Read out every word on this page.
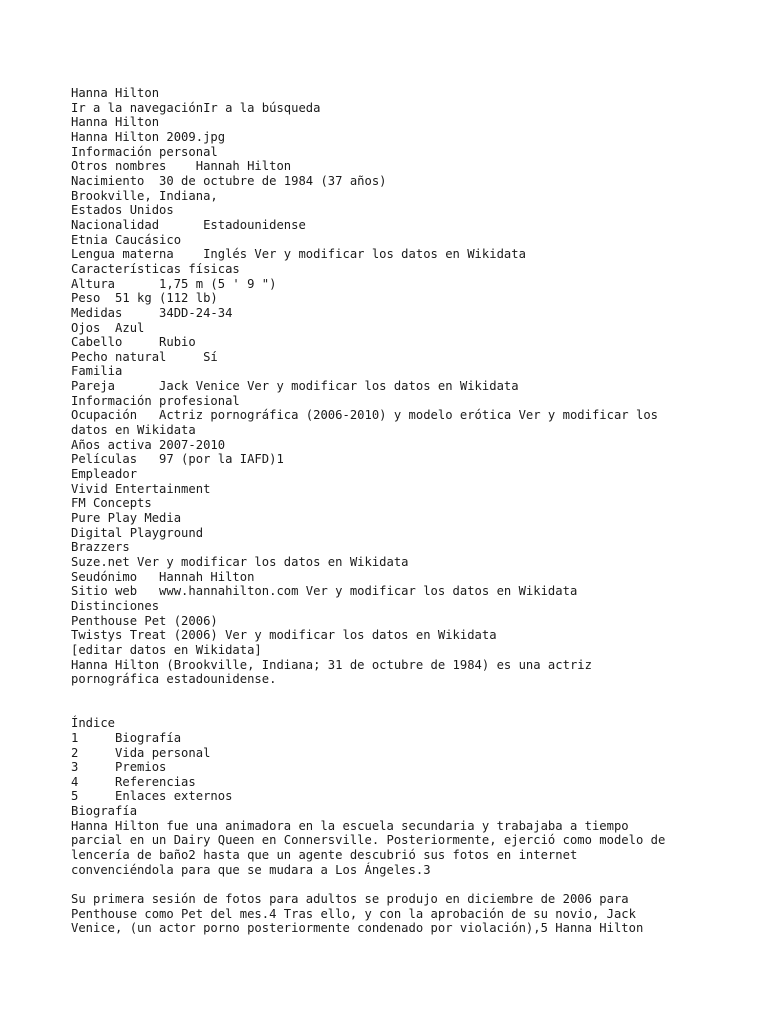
Hanna Hilton
Ir a la navegaciónIr a la búsqueda
Hanna Hilton
Hanna Hilton 2009.jpg
Información personal
Otros nombres    Hannah Hilton
Nacimiento  30 de octubre de 1984 (37 años)
Brookville, Indiana,
Estados Unidos
Nacionalidad      Estadounidense
Etnia Caucásico
Lengua materna    Inglés Ver y modificar los datos en Wikidata
Características físicas
Altura      1,75 m (5 ' 9 ")
Peso  51 kg (112 lb)
Medidas     34DD-24-34
Ojos  Azul
Cabello     Rubio
Pecho natural     Sí
Familia
Pareja      Jack Venice Ver y modificar los datos en Wikidata
Información profesional
Ocupación   Actriz pornográfica (2006-2010) y modelo erótica Ver y modificar los
datos en Wikidata
Años activa 2007-2010
Películas   97 (por la IAFD)1
Empleador
Vivid Entertainment
FM Concepts
Pure Play Media
Digital Playground
Brazzers
Suze.net Ver y modificar los datos en Wikidata
Seudónimo   Hannah Hilton
Sitio web   www.hannahilton.com Ver y modificar los datos en Wikidata
Distinciones
Penthouse Pet (2006)
Twistys Treat (2006) Ver y modificar los datos en Wikidata
[editar datos en Wikidata]
Hanna Hilton (Brookville, Indiana; 31 de octubre de 1984) es una actriz
pornográfica estadounidense.
Índice
1     Biografía
2     Vida personal
3     Premios
4     Referencias
5     Enlaces externos
Biografía
Hanna Hilton fue una animadora en la escuela secundaria y trabajaba a tiempo
parcial en un Dairy Queen en Connersville. Posteriormente, ejerció como modelo de
lencería de baño2 hasta que un agente descubrió sus fotos en internet
convenciéndola para que se mudara a Los Ángeles.3
Su primera sesión de fotos para adultos se produjo en diciembre de 2006 para
Penthouse como Pet del mes.4 Tras ello, y con la aprobación de su novio, Jack
Venice, (un actor porno posteriormente condenado por violación),5 Hanna Hilton
